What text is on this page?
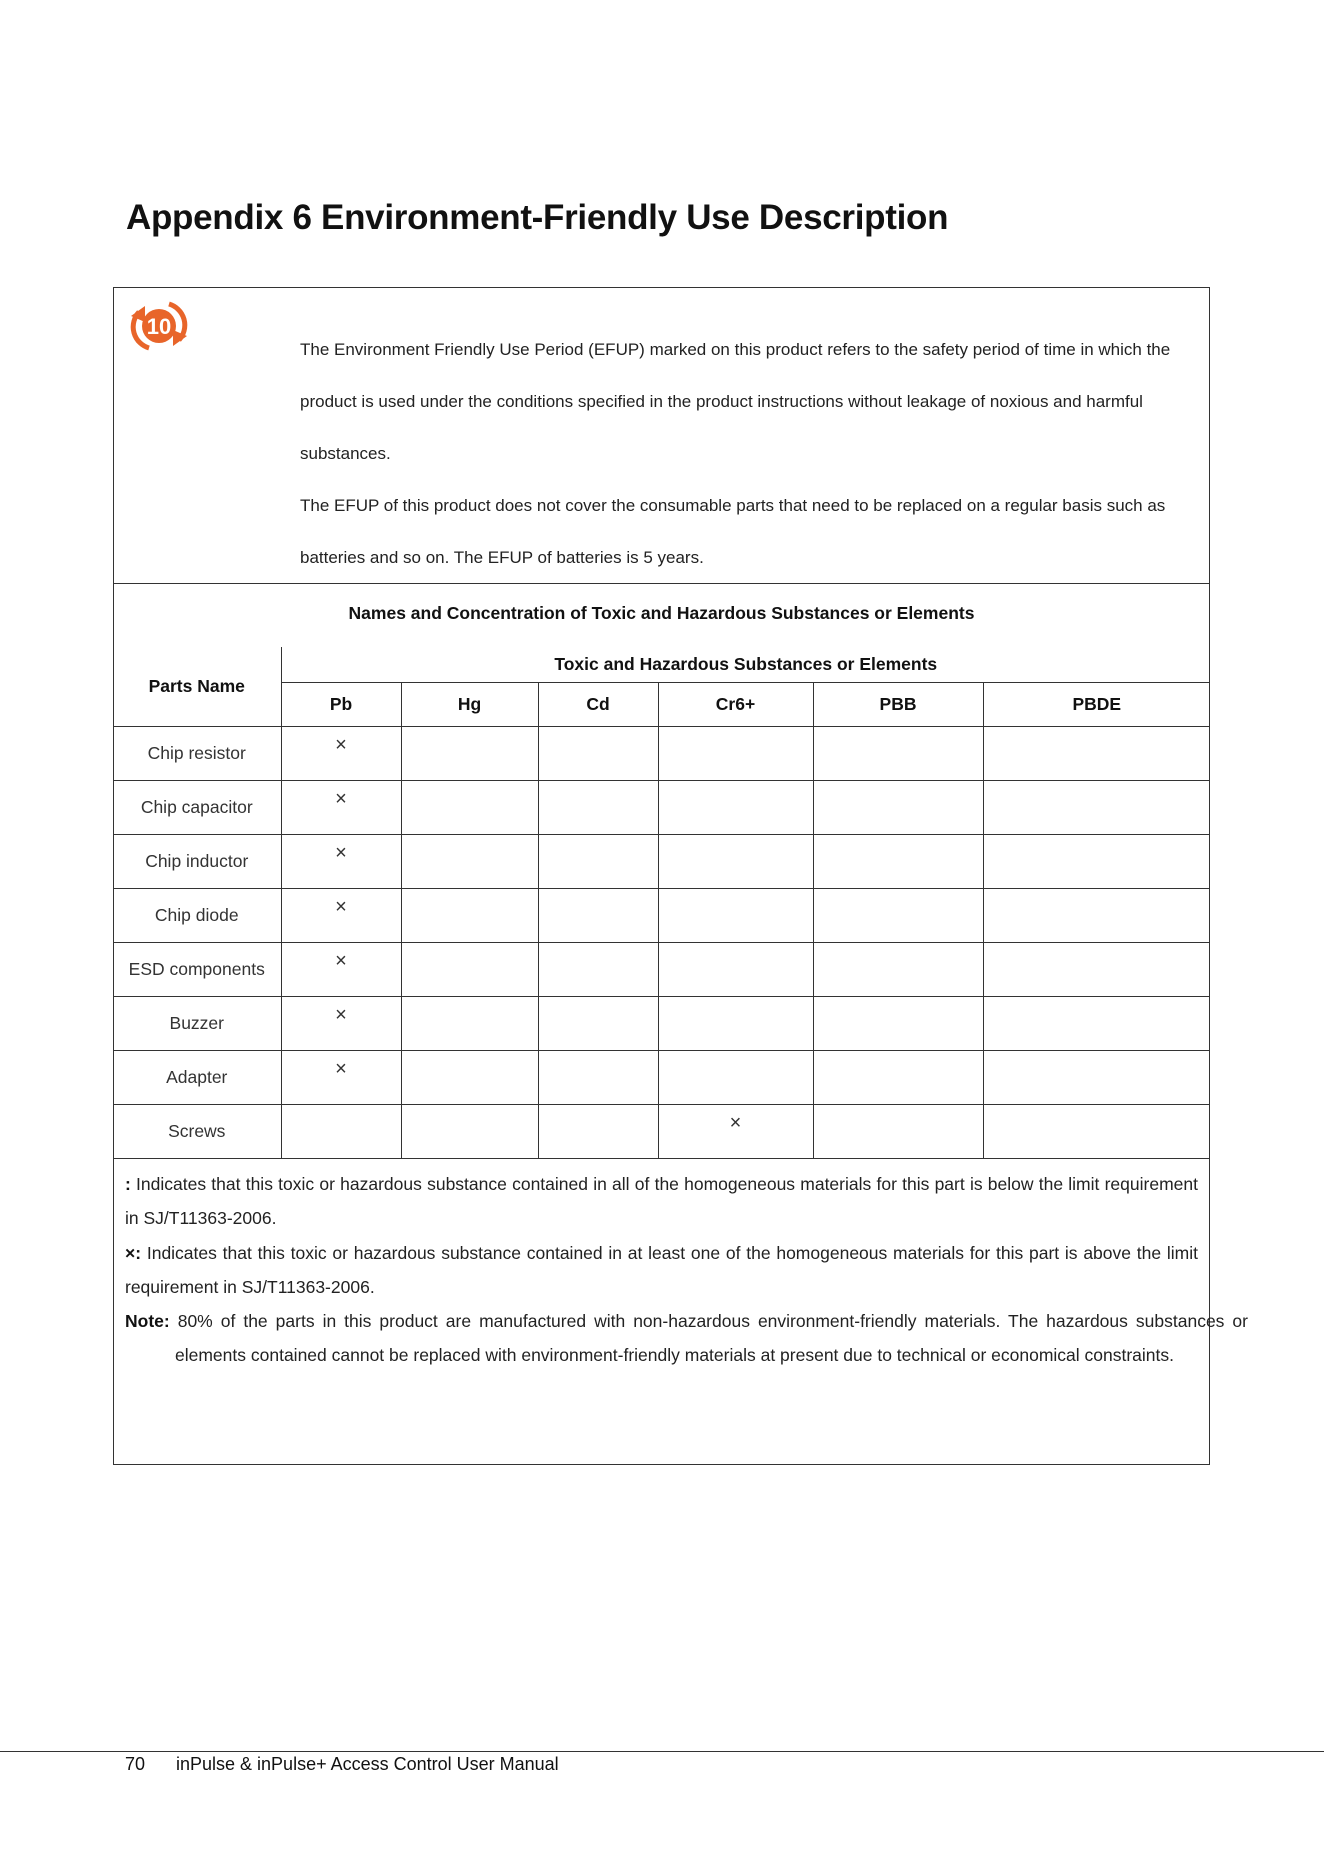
Appendix 6 Environment-Friendly Use Description
10

The Environment Friendly Use Period (EFUP) marked on this product refers to the safety period of time in which the product is used under the conditions specified in the product instructions without leakage of noxious and harmful substances.

The EFUP of this product does not cover the consumable parts that need to be replaced on a regular basis such as batteries and so on. The EFUP of batteries is 5 years.

Names and Concentration of Toxic and Hazardous Substances or Elements
Parts Name	Toxic and Hazardous Substances or Elements					
	Pb	Hg	Cd	Cr6+	PBB	PBDE
Chip resistor	×					

Chip capacitor	×					

Chip inductor	×					

Chip diode	×					

ESD components	×					

Buzzer	×					

Adapter	×					

Screws				×		

: Indicates that this toxic or hazardous substance contained in all of the homogeneous materials for this part is below the limit requirement in SJ/T11363-2006.

×: Indicates that this toxic or hazardous substance contained in at least one of the homogeneous materials for this part is above the limit requirement in SJ/T11363-2006.

Note: 80% of the parts in this product are manufactured with non-hazardous environment-friendly materials. The hazardous substances or elements contained cannot be replaced with environment-friendly materials at present due to technical or economical constraints.

70 inPulse & inPulse+ Access Control User Manual
